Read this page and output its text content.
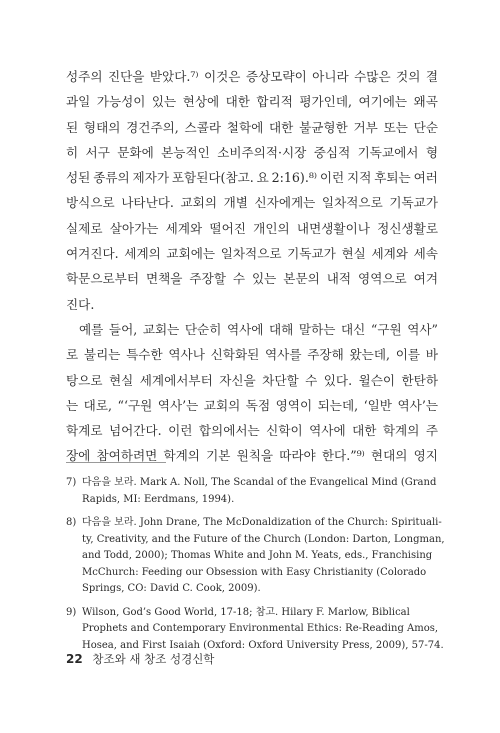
성주의 진단을 받았다.⁷⁾ 이것은 증상모략이 아니라 수많은 것의 결
과일 가능성이 있는 현상에 대한 합리적 평가인데, 여기에는 왜곡
된 형태의 경건주의, 스콜라 철학에 대한 불균형한 거부 또는 단순
히 서구 문화에 본능적인 소비주의적·시장 중심적 기독교에서 형
성된 종류의 제자가 포함된다(참고. 요 2:16).⁸⁾ 이런 지적 후퇴는 여러
방식으로 나타난다. 교회의 개별 신자에게는 일차적으로 기독교가
실제로 살아가는 세계와 떨어진 개인의 내면생활이나 정신생활로
여겨진다. 세계의 교회에는 일차적으로 기독교가 현실 세계와 세속
학문으로부터 면책을 주장할 수 있는 본문의 내적 영역으로 여겨
진다.
예를 들어, 교회는 단순히 역사에 대해 말하는 대신 “구원 역사”
로 불리는 특수한 역사나 신학화된 역사를 주장해 왔는데, 이를 바
탕으로 현실 세계에서부터 자신을 차단할 수 있다. 윌슨이 한탄하
는 대로, “‘구원 역사’는 교회의 독점 영역이 되는데, ‘일반 역사’는
학계로 넘어간다. 이런 합의에서는 신학이 역사에 대한 학계의 주
장에 참여하려면 학계의 기본 원칙을 따라야 한다.”⁹⁾ 현대의 영지
7) 다음을 보라. Mark A. Noll, The Scandal of the Evangelical Mind (Grand
Rapids, MI: Eerdmans, 1994).
8) 다음을 보라. John Drane, The McDonaldization of the Church: Spirituali-
ty, Creativity, and the Future of the Church (London: Darton, Longman,
and Todd, 2000); Thomas White and John M. Yeats, eds., Franchising
McChurch: Feeding our Obsession with Easy Christianity (Colorado
Springs, CO: David C. Cook, 2009).
9) Wilson, God’s Good World, 17-18; 참고. Hilary F. Marlow, Biblical
Prophets and Contemporary Environmental Ethics: Re-Reading Amos,
Hosea, and First Isaiah (Oxford: Oxford University Press, 2009), 57-74.
22 창조와 새 창조 성경신학
